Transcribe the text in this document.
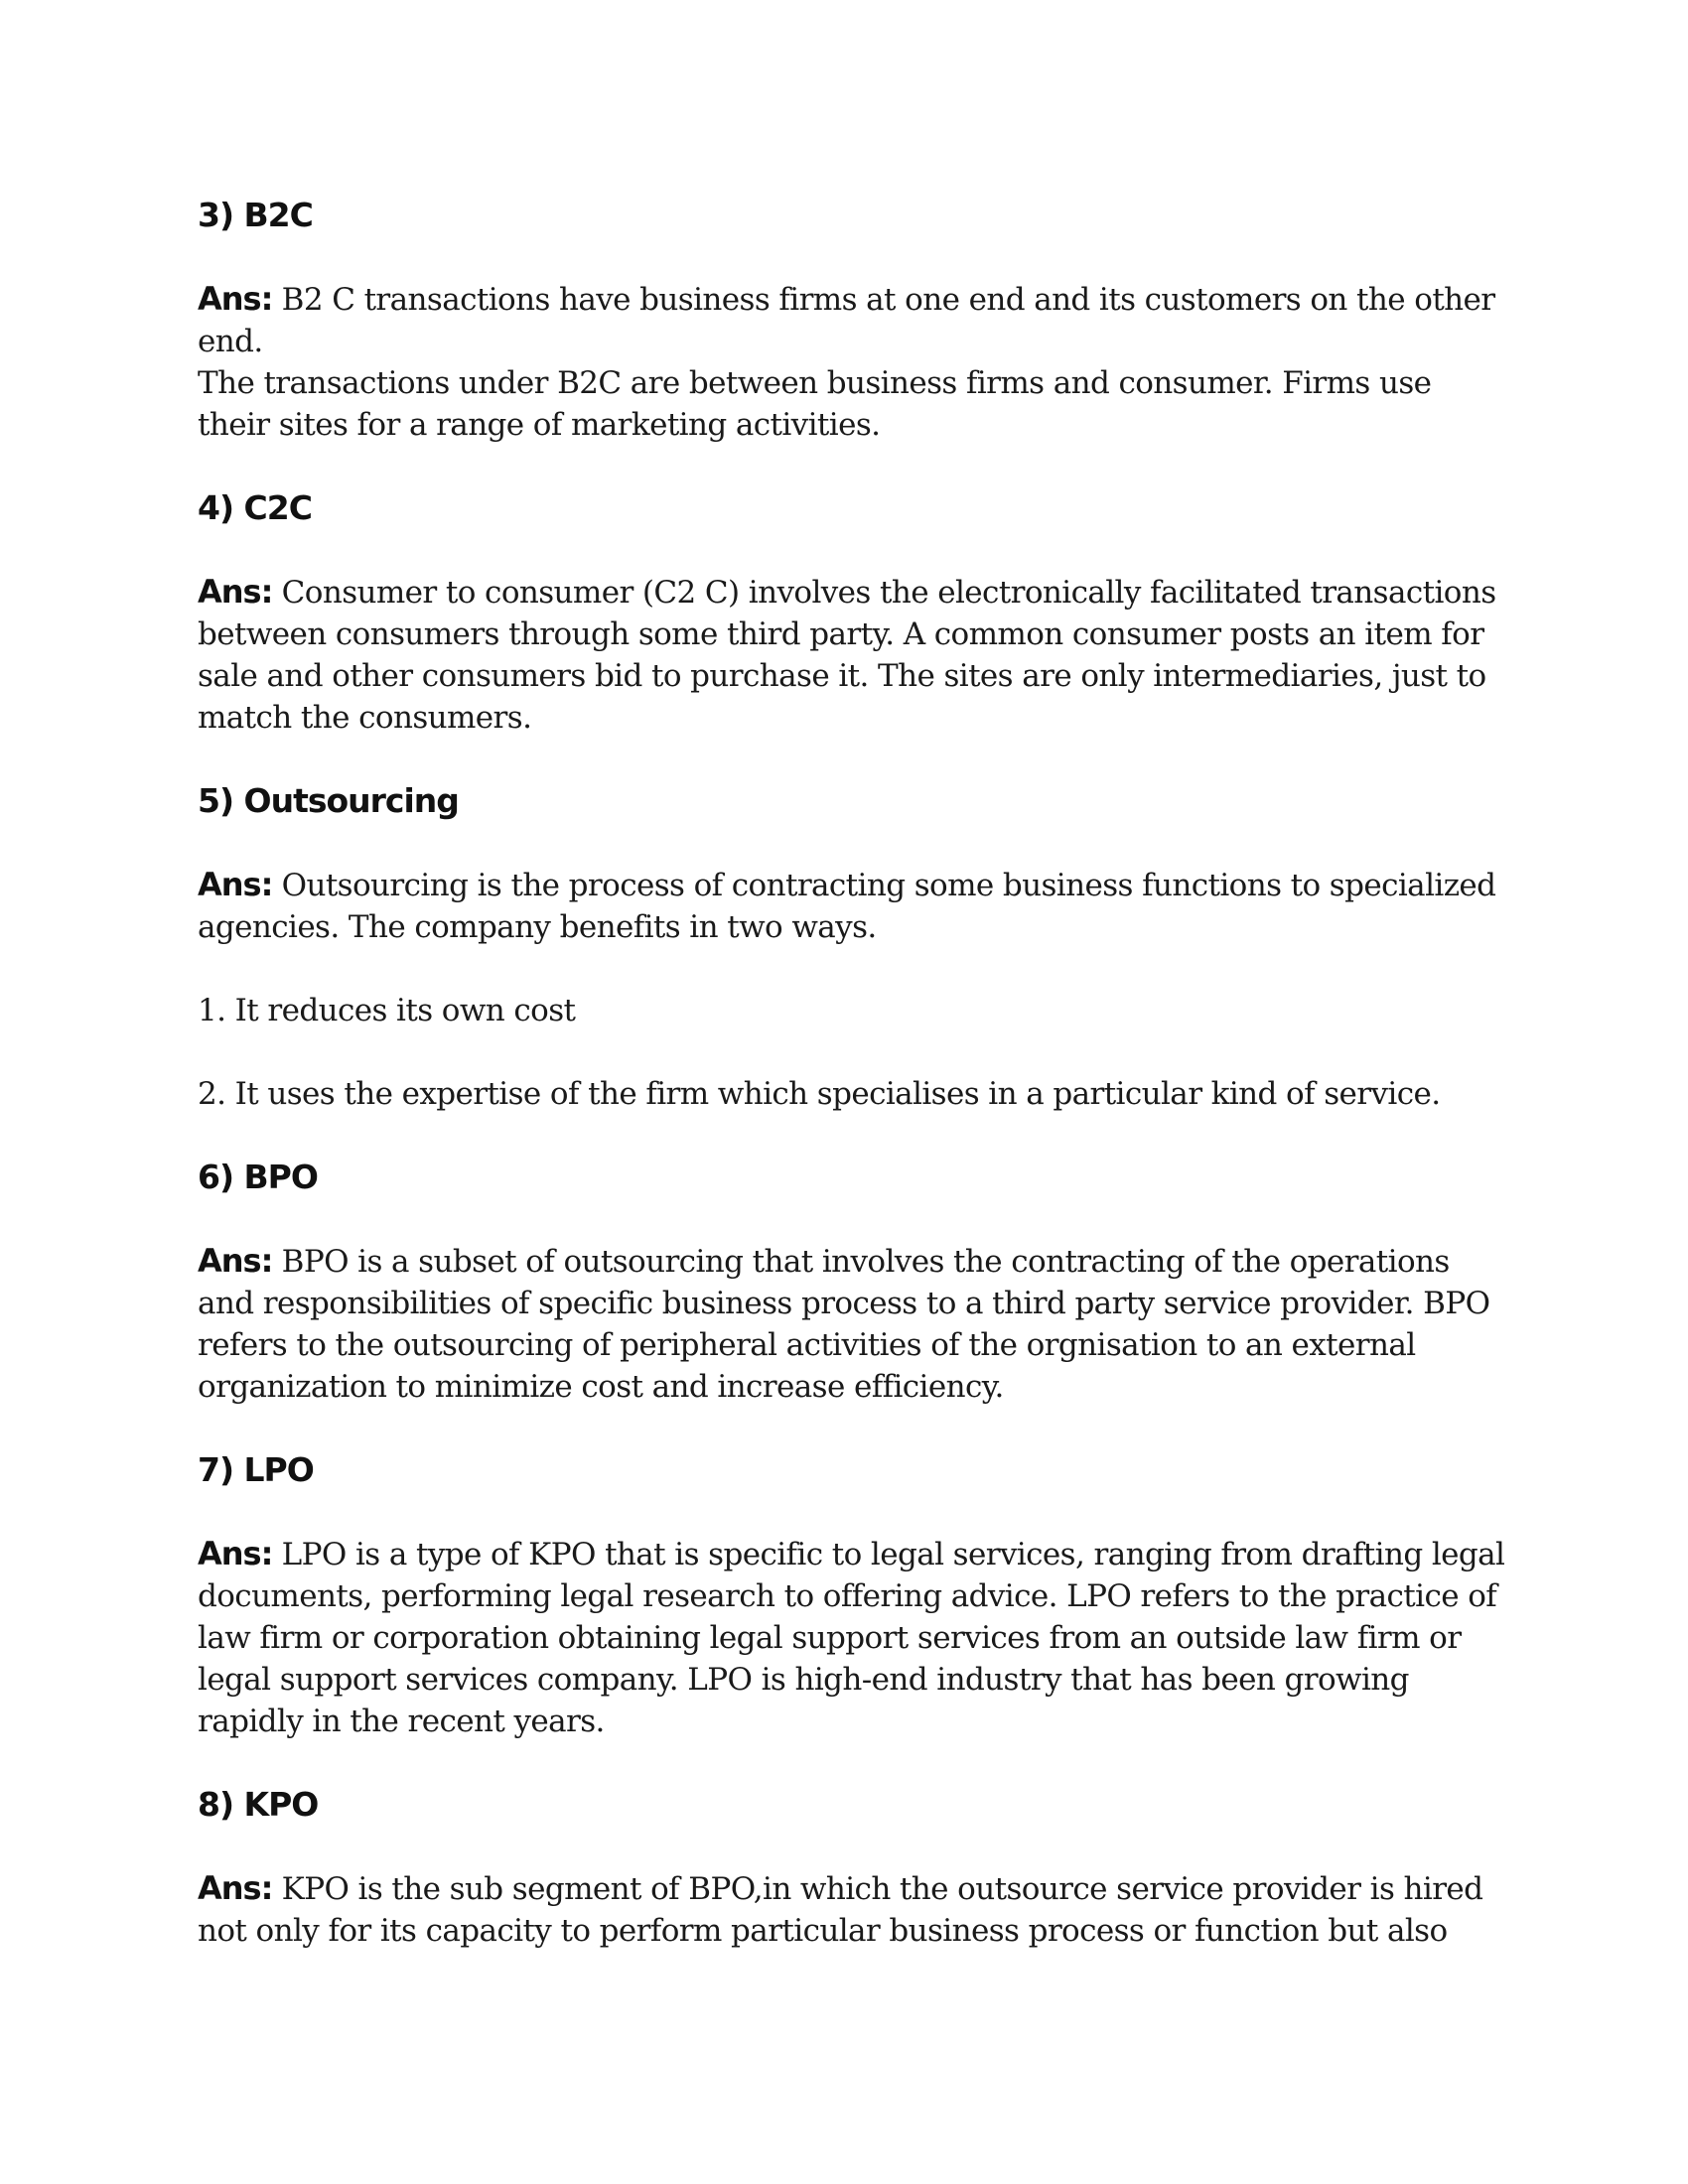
3) B2C

Ans: B2 C transactions have business firms at one end and its customers on the other end.

The transactions under B2C are between business firms and consumer. Firms use their sites for a range of marketing activities.

4) C2C

Ans: Consumer to consumer (C2 C) involves the electronically facilitated transactions between consumers through some third party. A common consumer posts an item for sale and other consumers bid to purchase it. The sites are only intermediaries, just to match the consumers.

5) Outsourcing

Ans: Outsourcing is the process of contracting some business functions to specialized agencies. The company benefits in two ways.

1. It reduces its own cost

2. It uses the expertise of the firm which specialises in a particular kind of service.

6) BPO

Ans: BPO is a subset of outsourcing that involves the contracting of the operations and responsibilities of specific business process to a third party service provider. BPO refers to the outsourcing of peripheral activities of the orgnisation to an external organization to minimize cost and increase efficiency.

7) LPO

Ans: LPO is a type of KPO that is specific to legal services, ranging from drafting legal documents, performing legal research to offering advice. LPO refers to the practice of law firm or corporation obtaining legal support services from an outside law firm or legal support services company. LPO is high-end industry that has been growing rapidly in the recent years.

8) KPO

Ans: KPO is the sub segment of BPO,in which the outsource service provider is hired not only for its capacity to perform particular business process or function but also
